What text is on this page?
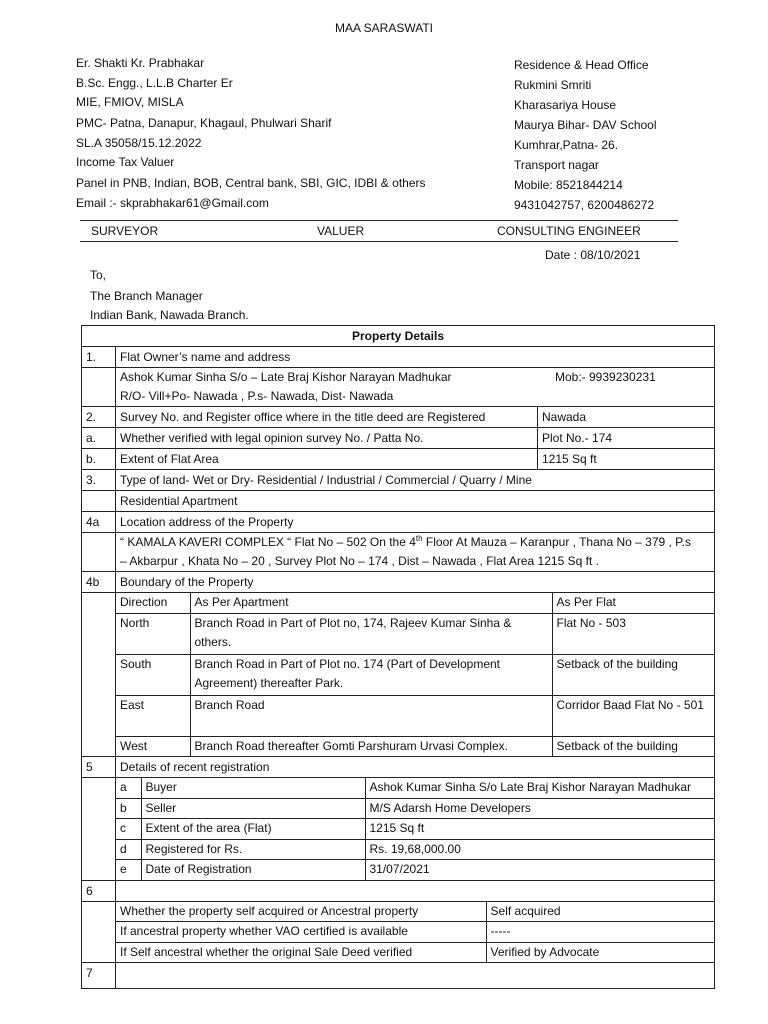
MAA SARASWATI
Er. Shakti Kr. Prabhakar
B.Sc. Engg., L.L.B Charter Er
MIE, FMIOV, MISLA
PMC- Patna, Danapur, Khagaul, Phulwari Sharif
SL.A 35058/15.12.2022
Income Tax Valuer
Panel in PNB, Indian, BOB, Central bank, SBI, GIC, IDBI & others
Email :- skprabhakar61@Gmail.com
Residence & Head Office
Rukmini Smriti
Kharasariya House
Maurya Bihar- DAV School
Kumhrar,Patna- 26.
Transport nagar
Mobile: 8521844214
9431042757, 6200486272
SURVEYOR	VALUER	CONSULTING ENGINEER
Date : 08/10/2021
To,
The Branch Manager
Indian Bank, Nawada Branch.
Property Details
1.	Flat Owner’s name and address

Ashok Kumar Sinha S/o – Late Braj Kishor Narayan Madhukar	Mob:- 9939230231
R/O- Vill+Po- Nawada , P.s- Nawada, Dist- Nawada

2.	Survey No. and Register office where in the title deed are Registered	Nawada
a.	Whether verified with legal opinion survey No. / Patta No.	Plot No.- 174
b.	Extent of Flat Area	1215 Sq ft
3.	Type of land- Wet or Dry- Residential / Industrial / Commercial / Quarry / Mine
	Residential Apartment
4a	Location address of the Property

“ KAMALA KAVERI COMPLEX “ Flat No – 502 On the 4th Floor At Mauza – Karanpur , Thana No – 379 , P.s
– Akbarpur , Khata No – 20 , Survey Plot No – 174 , Dist – Nawada , Flat Area 1215 Sq ft .

4b	Boundary of the Property

Direction	As Per Apartment	As Per Flat
North	Branch Road in Part of Plot no, 174, Rajeev Kumar Sinha & others.	Flat No - 503
South	Branch Road in Part of Plot no. 174 (Part of Development Agreement) thereafter Park.	Setback of the building
East	Branch Road	Corridor Baad Flat No - 501
West	Branch Road thereafter Gomti Parshuram Urvasi Complex.	Setback of the building

5	Details of recent registration

a	Buyer	Ashok Kumar Sinha S/o Late Braj Kishor Narayan Madhukar
b	Seller	M/S Adarsh Home Developers
c	Extent of the area (Flat)	1215 Sq ft
d	Registered for Rs.	Rs. 19,68,000.00
e	Date of Registration	31/07/2021

6	

Whether the property self acquired or Ancestral property	Self acquired
If ancestral property whether VAO certified is available	-----
If Self ancestral whether the original Sale Deed verified	Verified by Advocate

7	
